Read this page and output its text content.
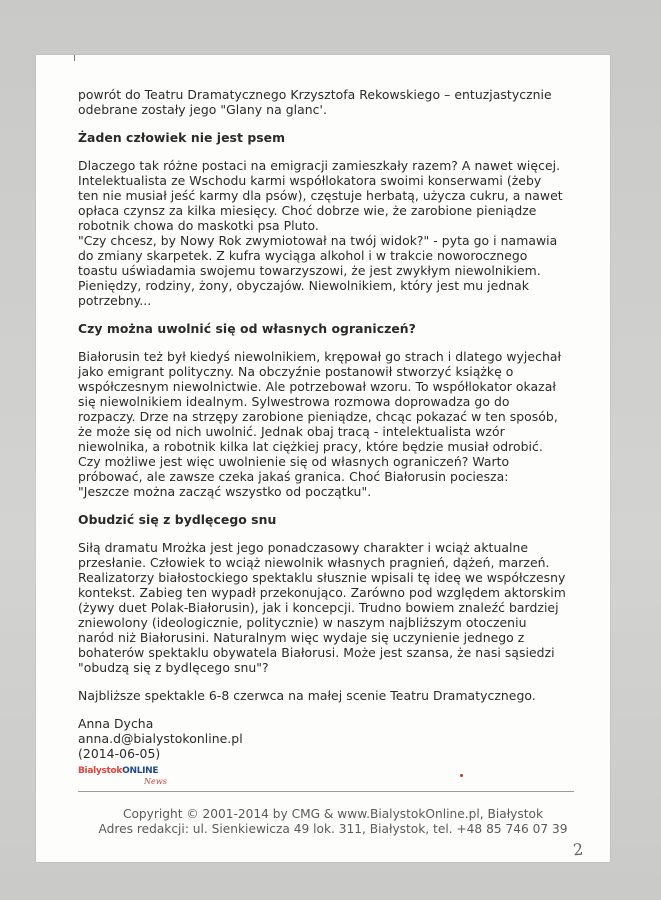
powrót do Teatru Dramatycznego Krzysztofa Rekowskiego – entuzjastycznie
odebrane zostały jego "Glany na glanc'.

Żaden człowiek nie jest psem

Dlaczego tak różne postaci na emigracji zamieszkały razem? A nawet więcej.
Intelektualista ze Wschodu karmi współlokatora swoimi konserwami (żeby
ten nie musiał jeść karmy dla psów), częstuje herbatą, użycza cukru, a nawet
opłaca czynsz za kilka miesięcy. Choć dobrze wie, że zarobione pieniądze
robotnik chowa do maskotki psa Pluto.
"Czy chcesz, by Nowy Rok zwymiotował na twój widok?" - pyta go i namawia
do zmiany skarpetek. Z kufra wyciąga alkohol i w trakcie noworocznego
toastu uświadamia swojemu towarzyszowi, że jest zwykłym niewolnikiem.
Pieniędzy, rodziny, żony, obyczajów. Niewolnikiem, który jest mu jednak
potrzebny...

Czy można uwolnić się od własnych ograniczeń?

Białorusin też był kiedyś niewolnikiem, krępował go strach i dlatego wyjechał
jako emigrant polityczny. Na obczyźnie postanowił stworzyć książkę o
współczesnym niewolnictwie. Ale potrzebował wzoru. To współlokator okazał
się niewolnikiem idealnym. Sylwestrowa rozmowa doprowadza go do
rozpaczy. Drze na strzępy zarobione pieniądze, chcąc pokazać w ten sposób,
że może się od nich uwolnić. Jednak obaj tracą - intelektualista wzór
niewolnika, a robotnik kilka lat ciężkiej pracy, które będzie musiał odrobić.
Czy możliwe jest więc uwolnienie się od własnych ograniczeń? Warto
próbować, ale zawsze czeka jakaś granica. Choć Białorusin pociesza:
"Jeszcze można zacząć wszystko od początku".

Obudzić się z bydlęcego snu

Siłą dramatu Mrożka jest jego ponadczasowy charakter i wciąż aktualne
przesłanie. Człowiek to wciąż niewolnik własnych pragnień, dążeń, marzeń.
Realizatorzy białostockiego spektaklu słusznie wpisali tę ideę we współczesny
kontekst. Zabieg ten wypadł przekonująco. Zarówno pod względem aktorskim
(żywy duet Polak-Białorusin), jak i koncepcji. Trudno bowiem znaleźć bardziej
zniewolony (ideologicznie, politycznie) w naszym najbliższym otoczeniu
naród niż Białorusini. Naturalnym więc wydaje się uczynienie jednego z
bohaterów spektaklu obywatela Białorusi. Może jest szansa, że nasi sąsiedzi
"obudzą się z bydlęcego snu"?

Najbliższe spektakle 6-8 czerwca na małej scenie Teatru Dramatycznego.

Anna Dycha
anna.d@bialystokonline.pl
(2014-06-05)

BialystokONLINE
News
Copyright © 2001-2014 by CMG & www.BialystokOnline.pl, Białystok
Adres redakcji: ul. Sienkiewicza 49 lok. 311, Białystok, tel. +48 85 746 07 39
2
